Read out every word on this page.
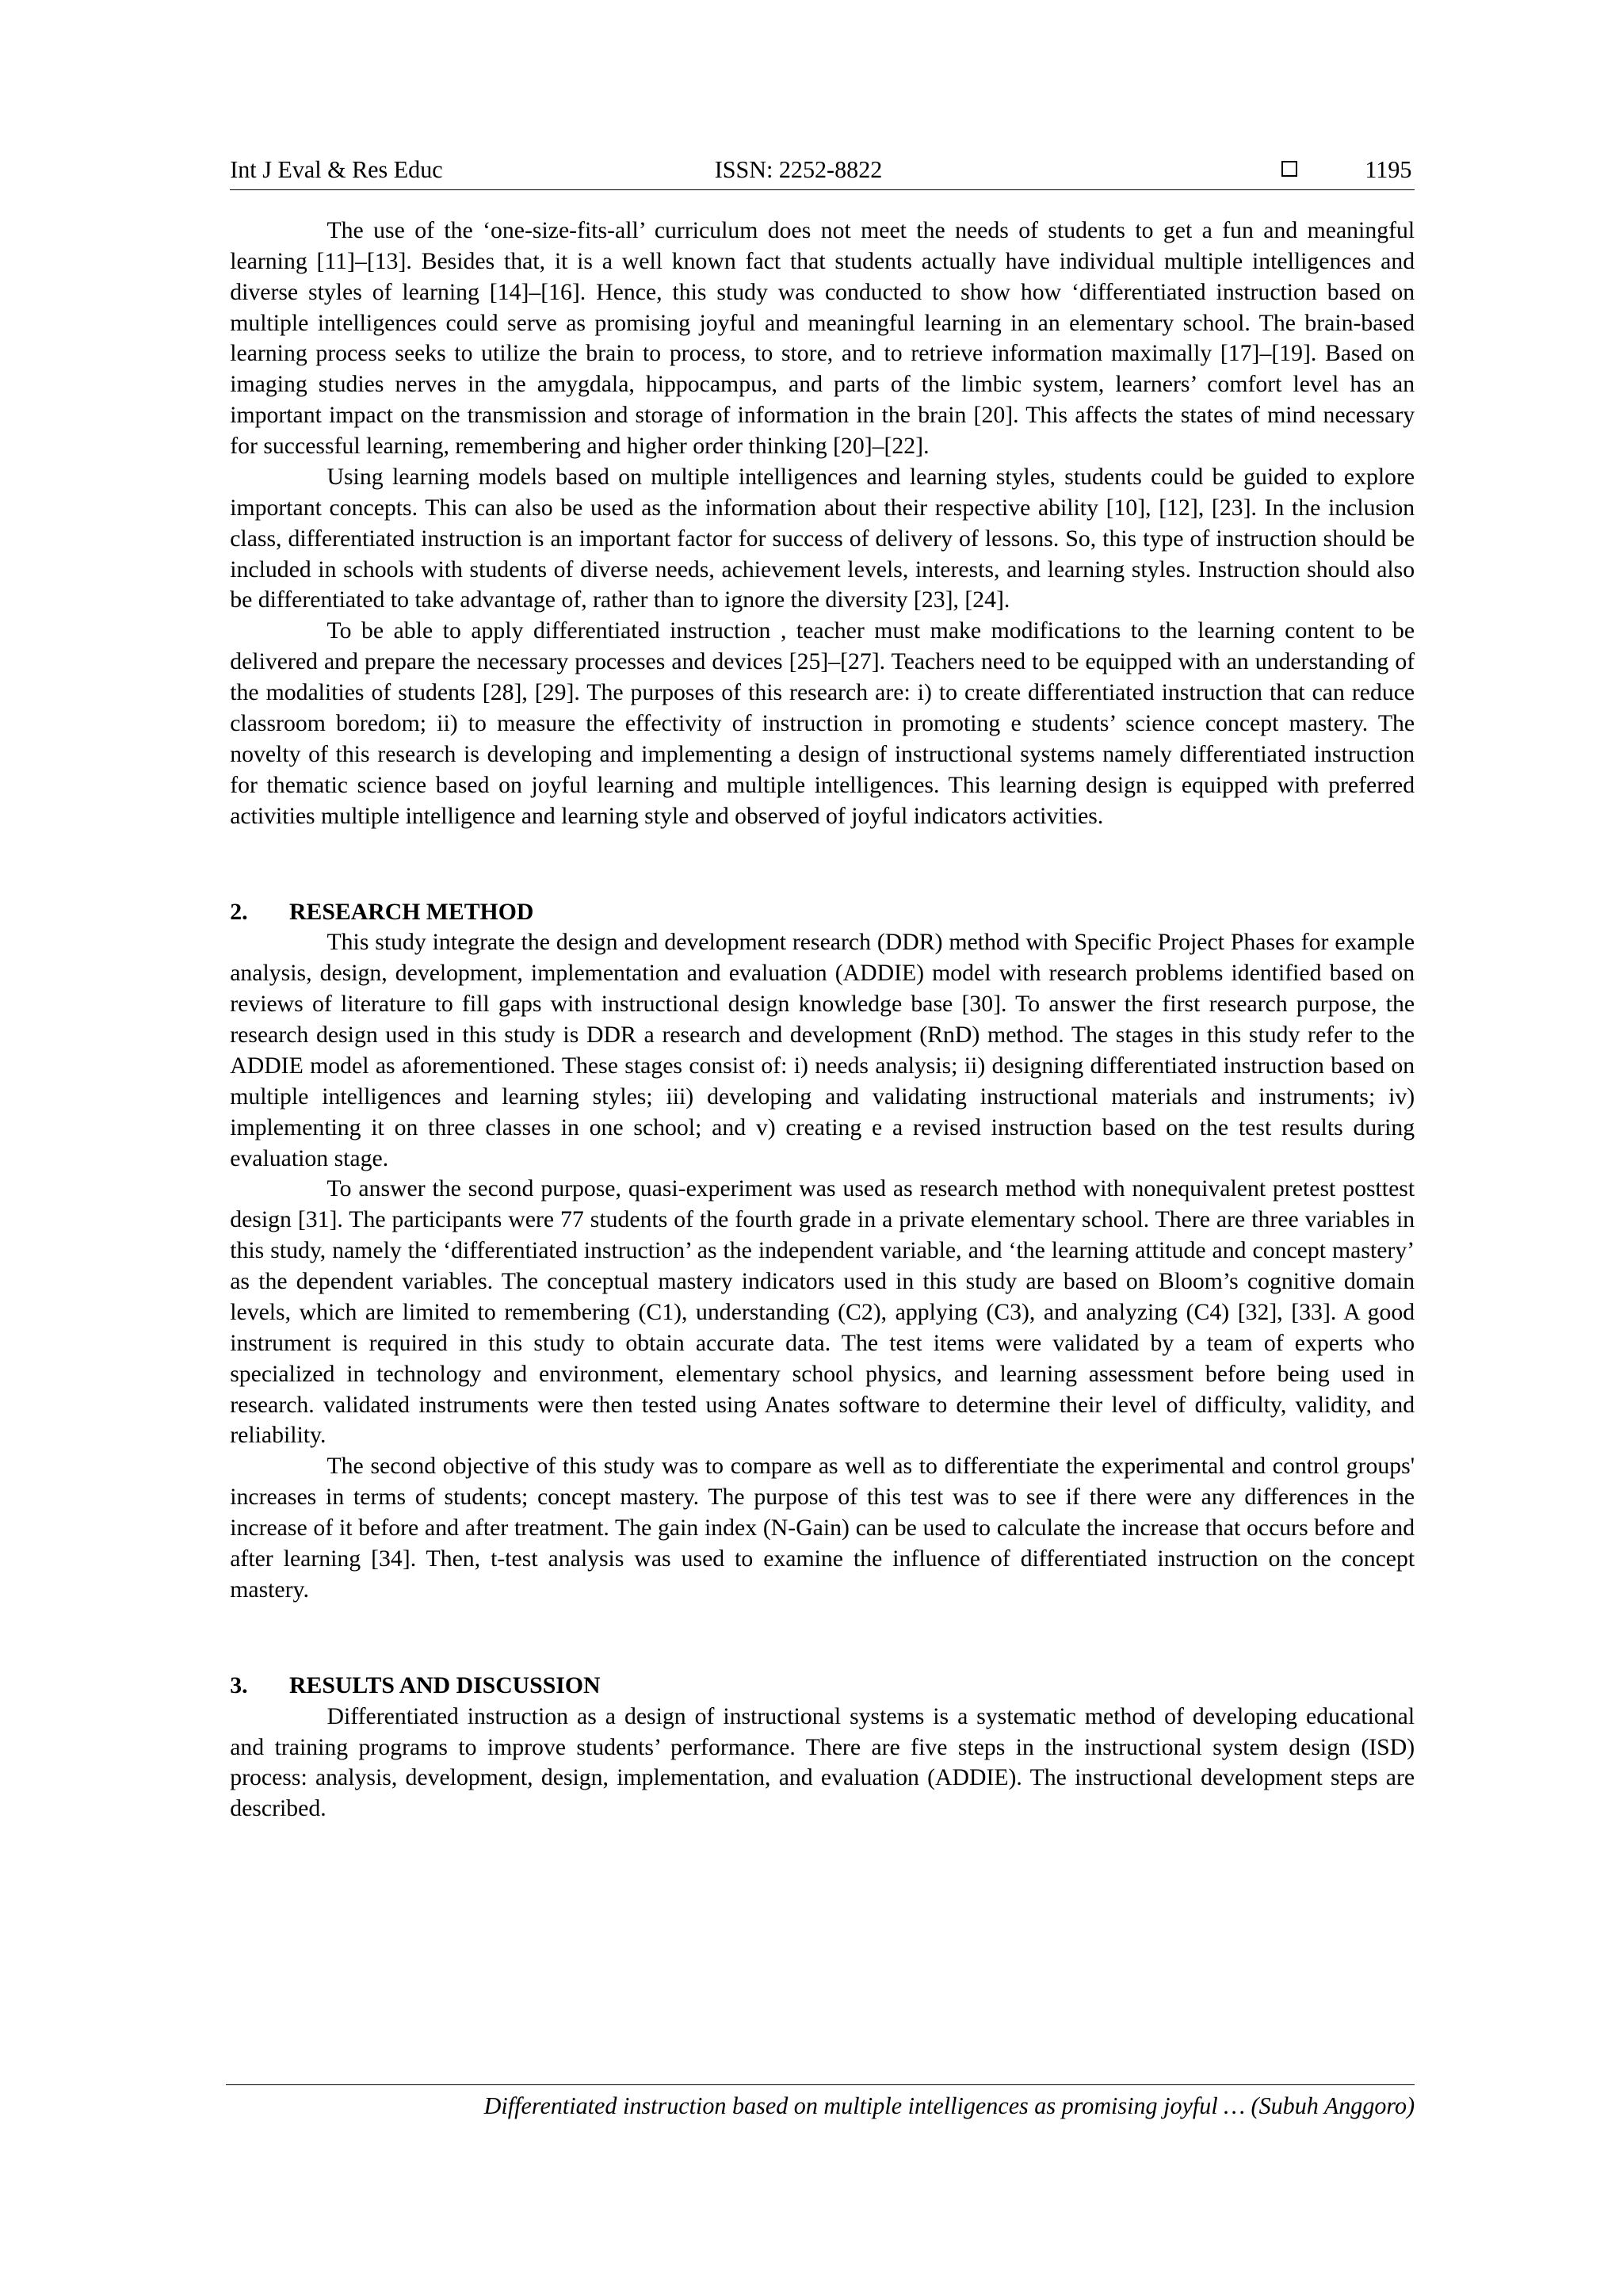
Int J Eval & Res Educ	ISSN: 2252-8822	1195

The use of the ‘one-size-fits-all’ curriculum does not meet the needs of students to get a fun and meaningful learning [11]–[13]. Besides that, it is a well known fact that students actually have individual multiple intelligences and diverse styles of learning [14]–[16]. Hence, this study was conducted to show how ‘differentiated instruction based on multiple intelligences could serve as promising joyful and meaningful learning in an elementary school. The brain-based learning process seeks to utilize the brain to process, to store, and to retrieve information maximally [17]–[19]. Based on imaging studies nerves in the amygdala, hippocampus, and parts of the limbic system, learners’ comfort level has an important impact on the transmission and storage of information in the brain [20]. This affects the states of mind necessary for successful learning, remembering and higher order thinking [20]–[22].

Using learning models based on multiple intelligences and learning styles, students could be guided to explore important concepts. This can also be used as the information about their respective ability [10], [12], [23]. In the inclusion class, differentiated instruction is an important factor for success of delivery of lessons. So, this type of instruction should be included in schools with students of diverse needs, achievement levels, interests, and learning styles. Instruction should also be differentiated to take advantage of, rather than to ignore the diversity [23], [24].

To be able to apply differentiated instruction , teacher must make modifications to the learning content to be delivered and prepare the necessary processes and devices [25]–[27]. Teachers need to be equipped with an understanding of the modalities of students [28], [29]. The purposes of this research are: i) to create differentiated instruction that can reduce classroom boredom; ii) to measure the effectivity of instruction in promoting e students’ science concept mastery. The novelty of this research is developing and implementing a design of instructional systems namely differentiated instruction for thematic science based on joyful learning and multiple intelligences. This learning design is equipped with preferred activities multiple intelligence and learning style and observed of joyful indicators activities.

2.	RESEARCH METHOD

This study integrate the design and development research (DDR) method with Specific Project Phases for example analysis, design, development, implementation and evaluation (ADDIE) model with research problems identified based on reviews of literature to fill gaps with instructional design knowledge base [30]. To answer the first research purpose, the research design used in this study is DDR a research and development (RnD) method. The stages in this study refer to the ADDIE model as aforementioned. These stages consist of: i) needs analysis; ii) designing differentiated instruction based on multiple intelligences and learning styles; iii) developing and validating instructional materials and instruments; iv) implementing it on three classes in one school; and v) creating e a revised instruction based on the test results during evaluation stage.

To answer the second purpose, quasi-experiment was used as research method with nonequivalent pretest posttest design [31]. The participants were 77 students of the fourth grade in a private elementary school. There are three variables in this study, namely the ‘differentiated instruction’ as the independent variable, and ‘the learning attitude and concept mastery’ as the dependent variables. The conceptual mastery indicators used in this study are based on Bloom’s cognitive domain levels, which are limited to remembering (C1), understanding (C2), applying (C3), and analyzing (C4) [32], [33]. A good instrument is required in this study to obtain accurate data. The test items were validated by a team of experts who specialized in technology and environment, elementary school physics, and learning assessment before being used in research. validated instruments were then tested using Anates software to determine their level of difficulty, validity, and reliability.

The second objective of this study was to compare as well as to differentiate the experimental and control groups' increases in terms of students; concept mastery. The purpose of this test was to see if there were any differences in the increase of it before and after treatment. The gain index (N-Gain) can be used to calculate the increase that occurs before and after learning [34]. Then, t-test analysis was used to examine the influence of differentiated instruction on the concept mastery.

3.	RESULTS AND DISCUSSION

Differentiated instruction as a design of instructional systems is a systematic method of developing educational and training programs to improve students’ performance. There are five steps in the instructional system design (ISD) process: analysis, development, design, implementation, and evaluation (ADDIE). The instructional development steps are described.

Differentiated instruction based on multiple intelligences as promising joyful … (Subuh Anggoro)
